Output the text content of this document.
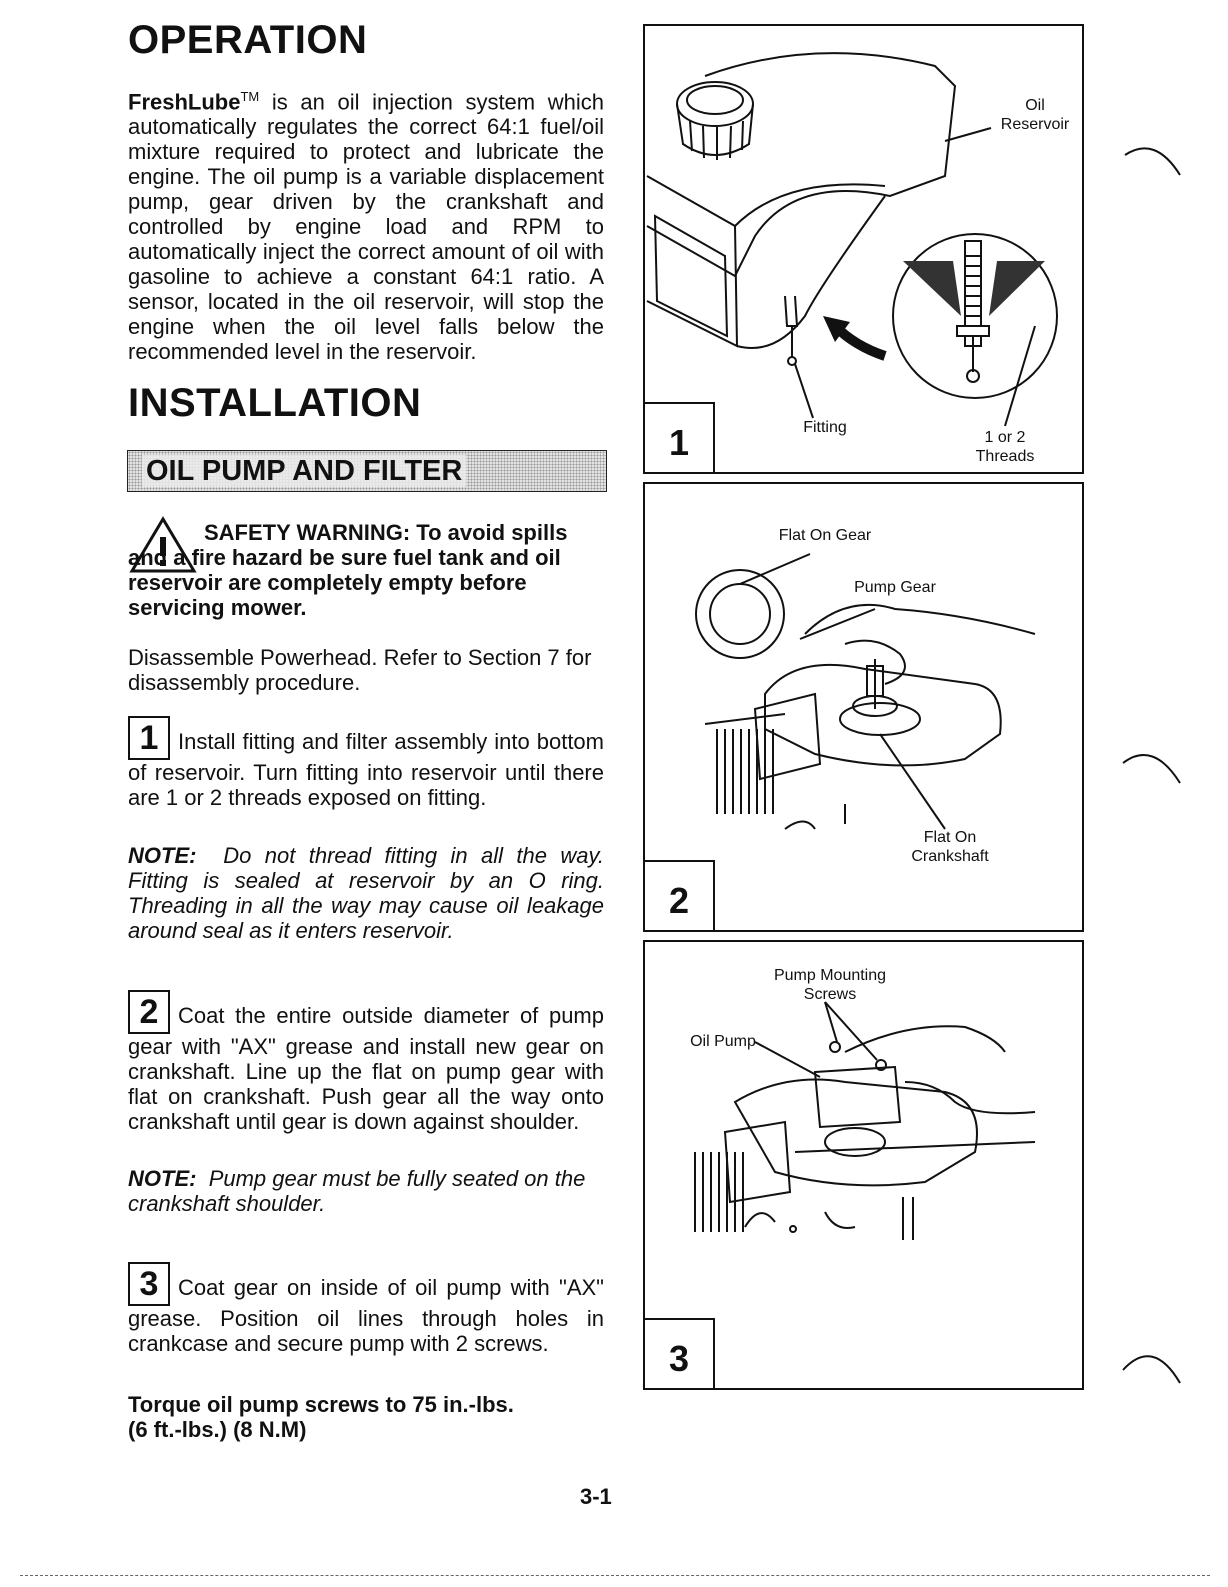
OPERATION
FreshLube™ is an oil injection system which automatically regulates the correct 64:1 fuel/oil mixture required to protect and lubricate the engine. The oil pump is a variable displacement pump, gear driven by the crankshaft and controlled by engine load and RPM to automatically inject the correct amount of oil with gasoline to achieve a constant 64:1 ratio. A sensor, located in the oil reservoir, will stop the engine when the oil level falls below the recommended level in the reservoir.
INSTALLATION
OIL PUMP AND FILTER
SAFETY WARNING: To avoid spills and a fire hazard be sure fuel tank and oil reservoir are completely empty before servicing mower.
Disassemble Powerhead. Refer to Section 7 for disassembly procedure.
1 Install fitting and filter assembly into bottom of reservoir. Turn fitting into reservoir until there are 1 or 2 threads exposed on fitting.
NOTE: Do not thread fitting in all the way. Fitting is sealed at reservoir by an O ring. Threading in all the way may cause oil leakage around seal as it enters reservoir.
2 Coat the entire outside diameter of pump gear with "AX" grease and install new gear on crankshaft. Line up the flat on pump gear with flat on crankshaft. Push gear all the way onto crankshaft until gear is down against shoulder.
NOTE: Pump gear must be fully seated on the crankshaft shoulder.
3 Coat gear on inside of oil pump with "AX" grease. Position oil lines through holes in crankcase and secure pump with 2 screws.
Torque oil pump screws to 75 in.-lbs.
(6 ft.-lbs.) (8 N.M)
Oil
Reservoir
Fitting
1 or 2
Threads
1
Flat On Gear
Pump Gear
Flat On
Crankshaft
2
Pump Mounting
Screws
Oil Pump
3
3-1
